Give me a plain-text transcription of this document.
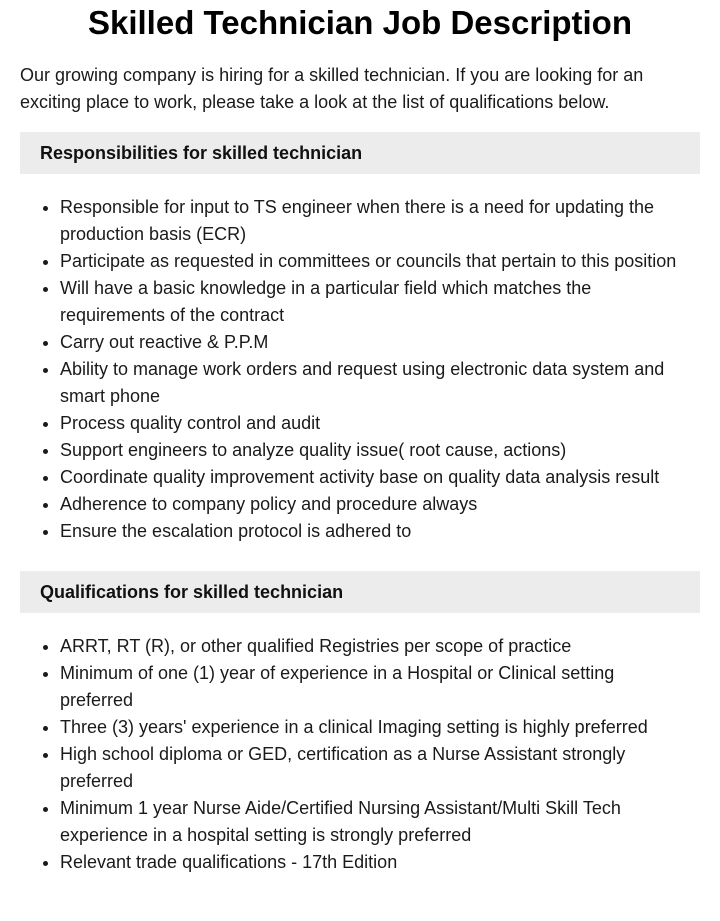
Skilled Technician Job Description

Our growing company is hiring for a skilled technician. If you are looking for an exciting place to work, please take a look at the list of qualifications below.

Responsibilities for skilled technician
• Responsible for input to TS engineer when there is a need for updating the production basis (ECR)
• Participate as requested in committees or councils that pertain to this position
• Will have a basic knowledge in a particular field which matches the requirements of the contract
• Carry out reactive & P.P.M
• Ability to manage work orders and request using electronic data system and smart phone
• Process quality control and audit
• Support engineers to analyze quality issue( root cause, actions)
• Coordinate quality improvement activity base on quality data analysis result
• Adherence to company policy and procedure always
• Ensure the escalation protocol is adhered to
Qualifications for skilled technician
• ARRT, RT (R), or other qualified Registries per scope of practice
• Minimum of one (1) year of experience in a Hospital or Clinical setting preferred
• Three (3) years' experience in a clinical Imaging setting is highly preferred
• High school diploma or GED, certification as a Nurse Assistant strongly preferred
• Minimum 1 year Nurse Aide/Certified Nursing Assistant/Multi Skill Tech experience in a hospital setting is strongly preferred
• Relevant trade qualifications - 17th Edition
